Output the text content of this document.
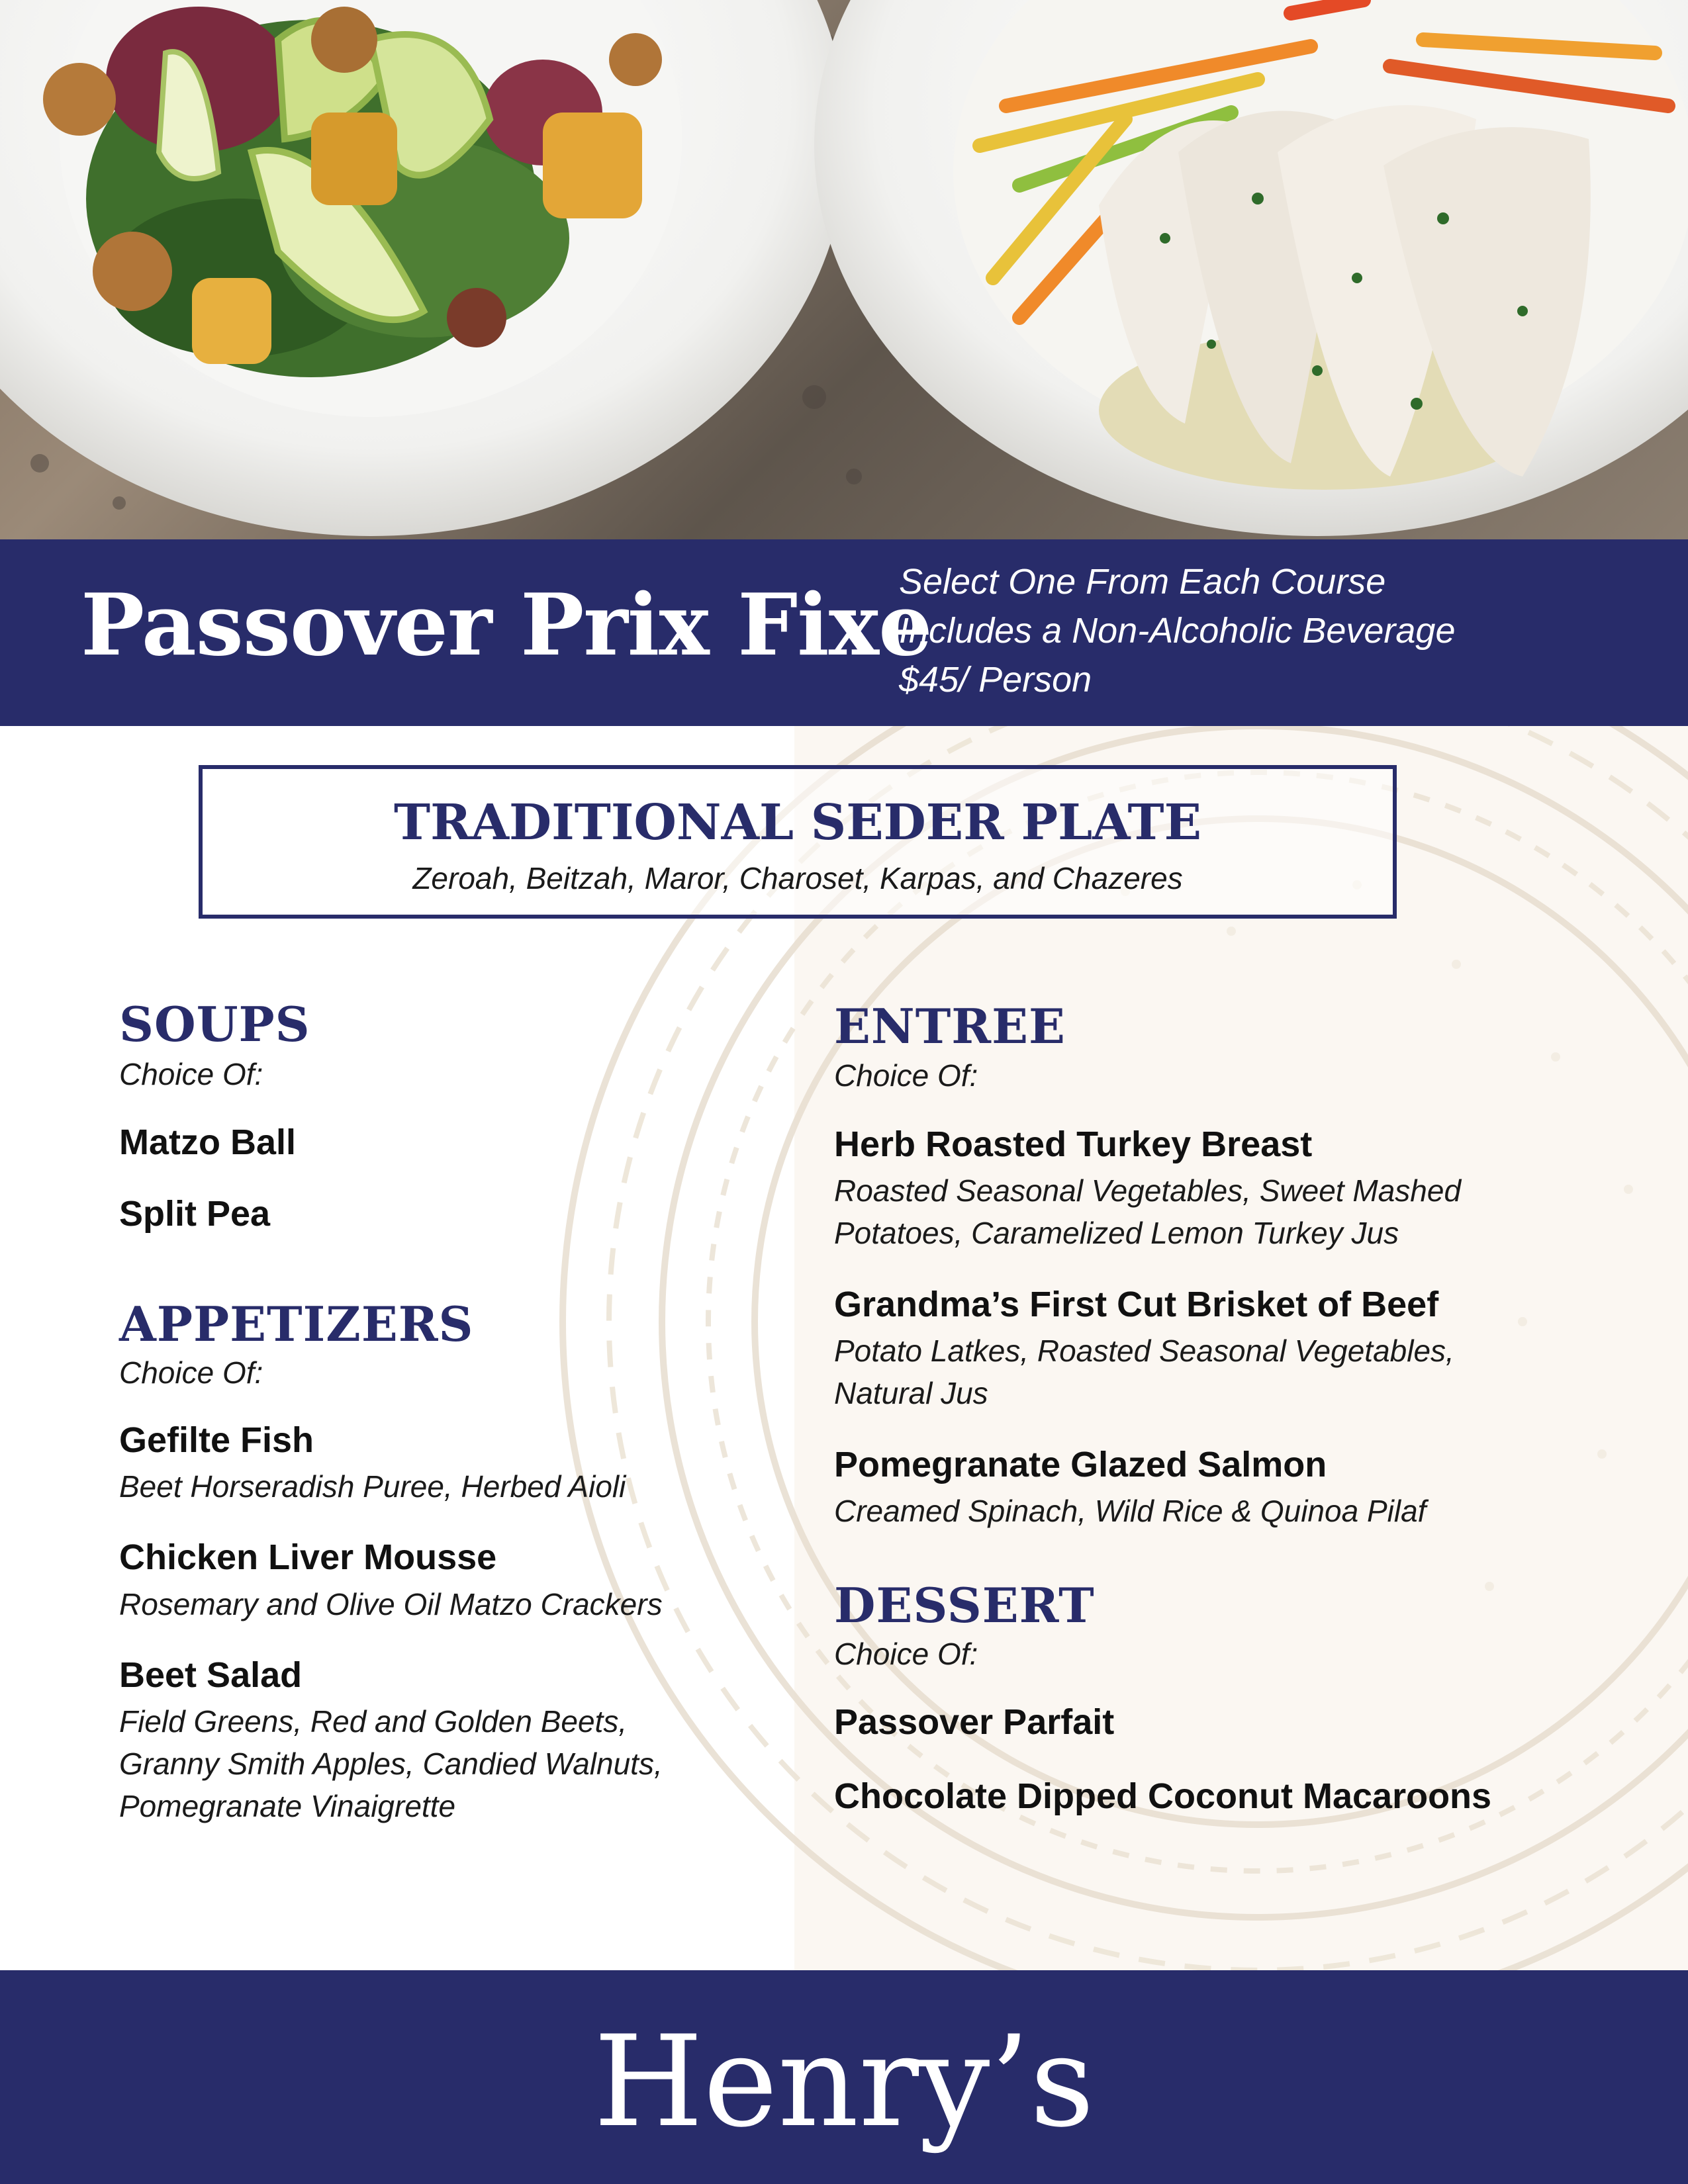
Passover Prix Fixe
Select One From Each Course
Includes a Non-Alcoholic Beverage
$45/ Person
TRADITIONAL SEDER PLATE
Zeroah, Beitzah, Maror, Charoset, Karpas, and Chazeres
SOUPS
Choice Of:
Matzo Ball
Split Pea
APPETIZERS
Choice Of:
Gefilte Fish
Beet Horseradish Puree, Herbed Aioli
Chicken Liver Mousse
Rosemary and Olive Oil Matzo Crackers
Beet Salad
Field Greens, Red and Golden Beets,
Granny Smith Apples, Candied Walnuts,
Pomegranate Vinaigrette
ENTREE
Choice Of:
Herb Roasted Turkey Breast
Roasted Seasonal Vegetables, Sweet Mashed
Potatoes, Caramelized Lemon Turkey Jus
Grandma’s First Cut Brisket of Beef
Potato Latkes, Roasted Seasonal Vegetables,
Natural Jus
Pomegranate Glazed Salmon
Creamed Spinach, Wild Rice & Quinoa Pilaf
DESSERT
Choice Of:
Passover Parfait
Chocolate Dipped Coconut Macaroons
Henry’s
